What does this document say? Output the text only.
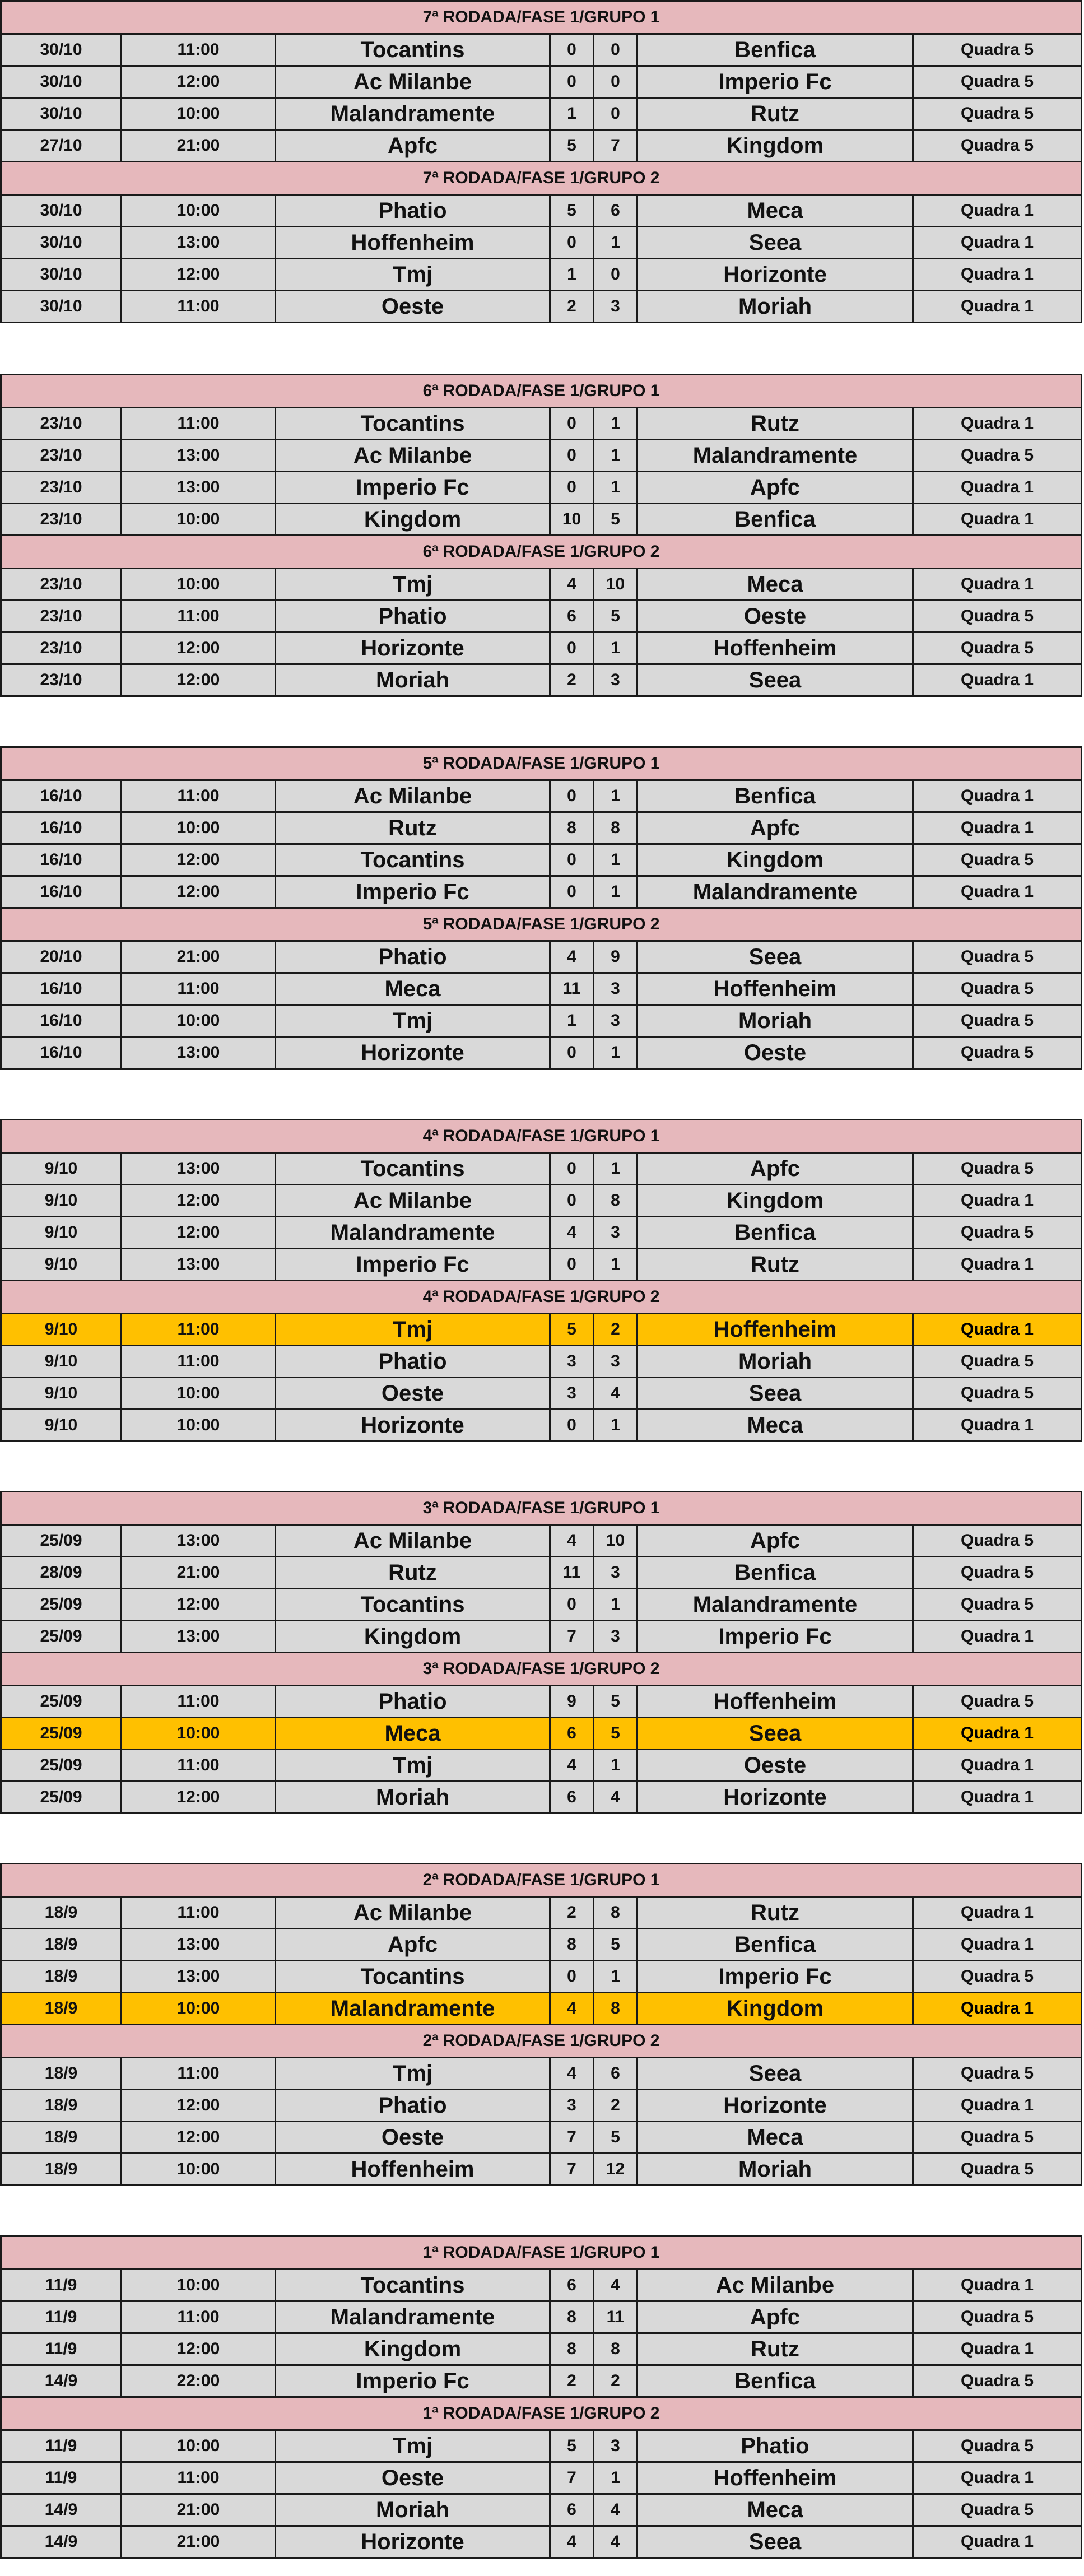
7ª RODADA/FASE 1/GRUPO 1						
30/10	11:00	Tocantins	0	0	Benfica	Quadra 5
30/10	12:00	Ac Milanbe	0	0	Imperio Fc	Quadra 5
30/10	10:00	Malandramente	1	0	Rutz	Quadra 5
27/10	21:00	Apfc	5	7	Kingdom	Quadra 5
7ª RODADA/FASE 1/GRUPO 2						
30/10	10:00	Phatio	5	6	Meca	Quadra 1
30/10	13:00	Hoffenheim	0	1	Seea	Quadra 1
30/10	12:00	Tmj	1	0	Horizonte	Quadra 1
30/10	11:00	Oeste	2	3	Moriah	Quadra 1
6ª RODADA/FASE 1/GRUPO 1						
23/10	11:00	Tocantins	0	1	Rutz	Quadra 1
23/10	13:00	Ac Milanbe	0	1	Malandramente	Quadra 5
23/10	13:00	Imperio Fc	0	1	Apfc	Quadra 1
23/10	10:00	Kingdom	10	5	Benfica	Quadra 1
6ª RODADA/FASE 1/GRUPO 2						
23/10	10:00	Tmj	4	10	Meca	Quadra 1
23/10	11:00	Phatio	6	5	Oeste	Quadra 5
23/10	12:00	Horizonte	0	1	Hoffenheim	Quadra 5
23/10	12:00	Moriah	2	3	Seea	Quadra 1
5ª RODADA/FASE 1/GRUPO 1						
16/10	11:00	Ac Milanbe	0	1	Benfica	Quadra 1
16/10	10:00	Rutz	8	8	Apfc	Quadra 1
16/10	12:00	Tocantins	0	1	Kingdom	Quadra 5
16/10	12:00	Imperio Fc	0	1	Malandramente	Quadra 1
5ª RODADA/FASE 1/GRUPO 2						
20/10	21:00	Phatio	4	9	Seea	Quadra 5
16/10	11:00	Meca	11	3	Hoffenheim	Quadra 5
16/10	10:00	Tmj	1	3	Moriah	Quadra 5
16/10	13:00	Horizonte	0	1	Oeste	Quadra 5
4ª RODADA/FASE 1/GRUPO 1						
9/10	13:00	Tocantins	0	1	Apfc	Quadra 5
9/10	12:00	Ac Milanbe	0	8	Kingdom	Quadra 1
9/10	12:00	Malandramente	4	3	Benfica	Quadra 5
9/10	13:00	Imperio Fc	0	1	Rutz	Quadra 1
4ª RODADA/FASE 1/GRUPO 2						
9/10	11:00	Tmj	5	2	Hoffenheim	Quadra 1
9/10	11:00	Phatio	3	3	Moriah	Quadra 5
9/10	10:00	Oeste	3	4	Seea	Quadra 5
9/10	10:00	Horizonte	0	1	Meca	Quadra 1
3ª RODADA/FASE 1/GRUPO 1						
25/09	13:00	Ac Milanbe	4	10	Apfc	Quadra 5
28/09	21:00	Rutz	11	3	Benfica	Quadra 5
25/09	12:00	Tocantins	0	1	Malandramente	Quadra 5
25/09	13:00	Kingdom	7	3	Imperio Fc	Quadra 1
3ª RODADA/FASE 1/GRUPO 2						
25/09	11:00	Phatio	9	5	Hoffenheim	Quadra 5
25/09	10:00	Meca	6	5	Seea	Quadra 1
25/09	11:00	Tmj	4	1	Oeste	Quadra 1
25/09	12:00	Moriah	6	4	Horizonte	Quadra 1
2ª RODADA/FASE 1/GRUPO 1						
18/9	11:00	Ac Milanbe	2	8	Rutz	Quadra 1
18/9	13:00	Apfc	8	5	Benfica	Quadra 1
18/9	13:00	Tocantins	0	1	Imperio Fc	Quadra 5
18/9	10:00	Malandramente	4	8	Kingdom	Quadra 1
2ª RODADA/FASE 1/GRUPO 2						
18/9	11:00	Tmj	4	6	Seea	Quadra 5
18/9	12:00	Phatio	3	2	Horizonte	Quadra 1
18/9	12:00	Oeste	7	5	Meca	Quadra 5
18/9	10:00	Hoffenheim	7	12	Moriah	Quadra 5
1ª RODADA/FASE 1/GRUPO 1						
11/9	10:00	Tocantins	6	4	Ac Milanbe	Quadra 1
11/9	11:00	Malandramente	8	11	Apfc	Quadra 5
11/9	12:00	Kingdom	8	8	Rutz	Quadra 1
14/9	22:00	Imperio Fc	2	2	Benfica	Quadra 5
1ª RODADA/FASE 1/GRUPO 2						
11/9	10:00	Tmj	5	3	Phatio	Quadra 5
11/9	11:00	Oeste	7	1	Hoffenheim	Quadra 1
14/9	21:00	Moriah	6	4	Meca	Quadra 5
14/9	21:00	Horizonte	4	4	Seea	Quadra 1
